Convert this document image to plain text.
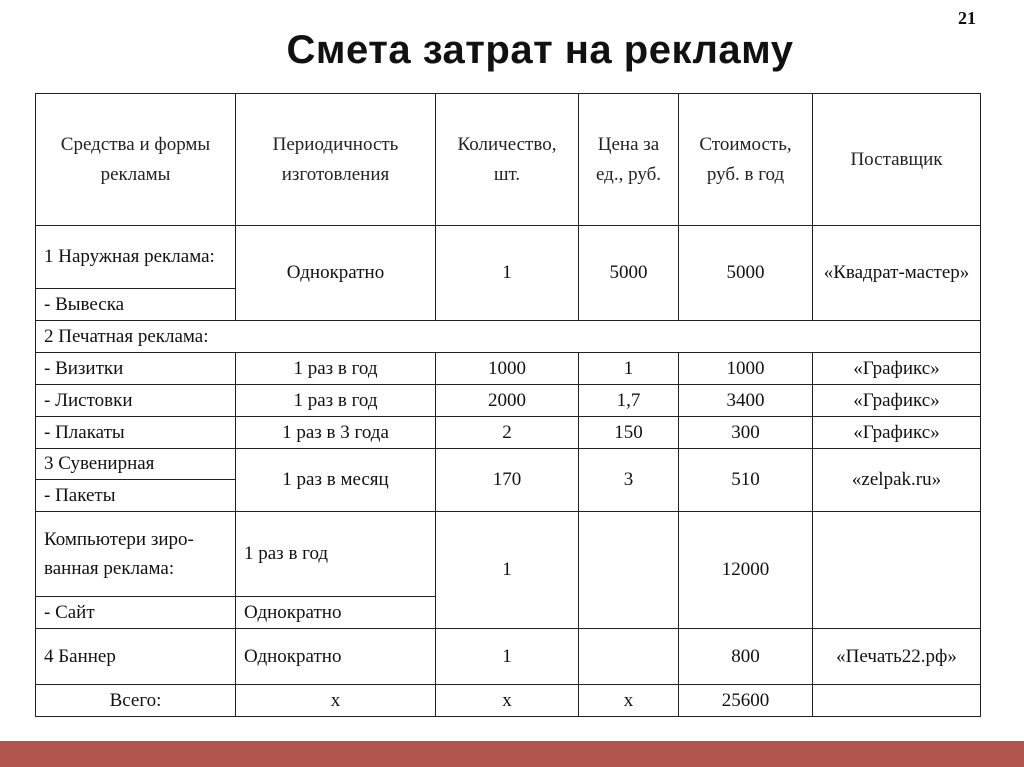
21
Смета затрат на рекламу
Средства и формы рекламы	Периодичность изготовления	Количество, шт.	Цена за ед., руб.	Стоимость, руб. в год	Поставщик
1 Наружная реклама:	Однократно	1	5000	5000	«Квадрат-мастер»
- Вывеска					
2 Печатная реклама:					
- Визитки	1 раз в год	1000	1	1000	«Графикс»
- Листовки	1 раз в год	2000	1,7	3400	«Графикс»
- Плакаты	1 раз в 3 года	2	150	300	«Графикс»
3 Сувенирная	1 раз в месяц	170	3	510	«zelpak.ru»
- Пакеты					
Компьютери зиро-ванная реклама:	1 раз в год	1		12000	
- Сайт	Однократно				
4 Баннер	Однократно	1		800	«Печать22.рф»
Всего:	х	х	х	25600	
